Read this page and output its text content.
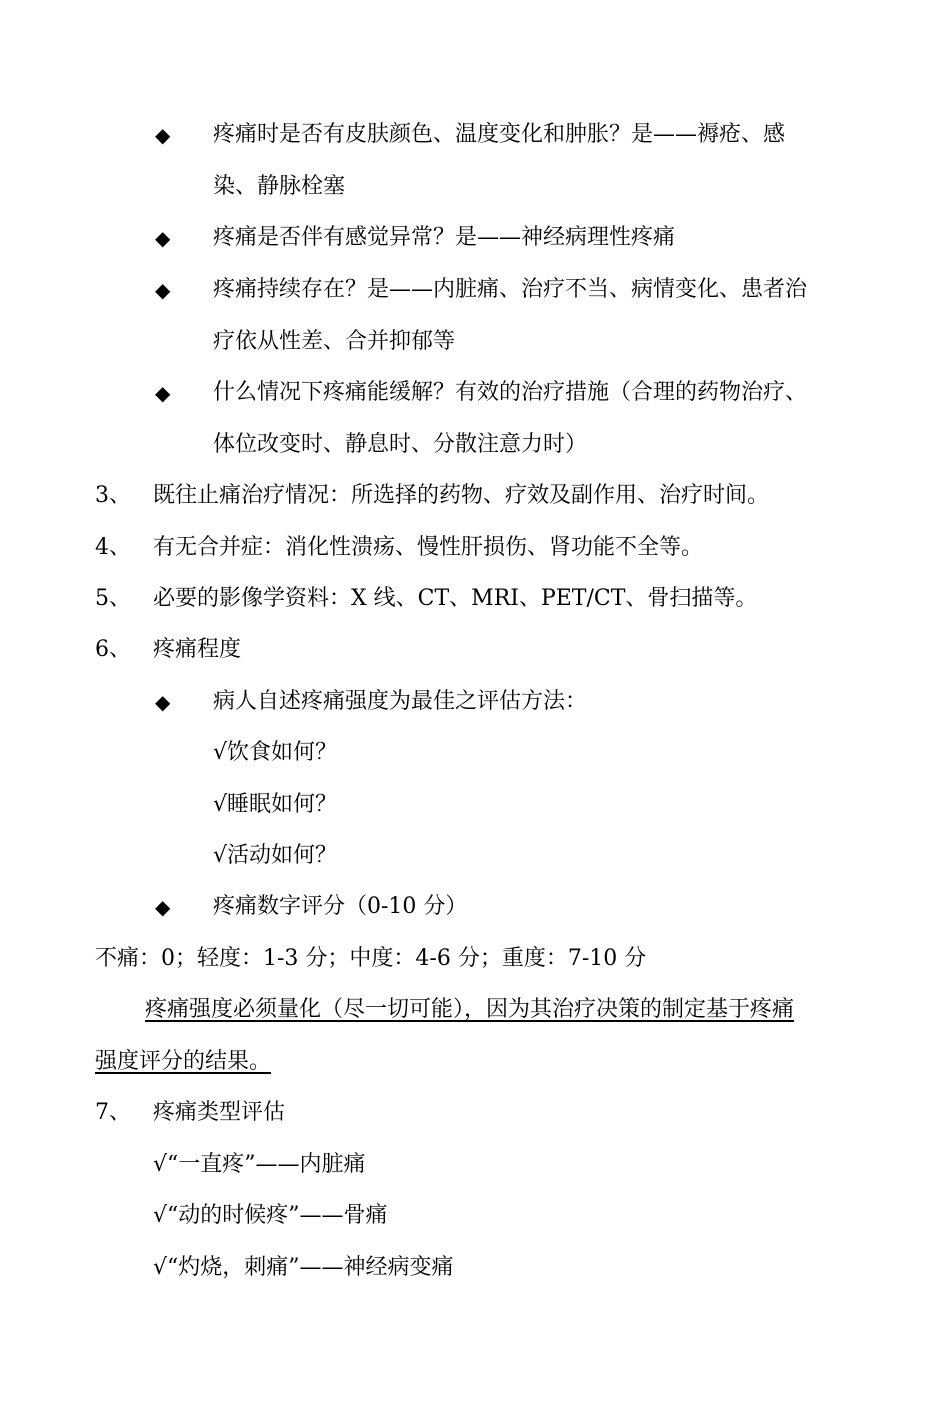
◆ 疼痛时是否有皮肤颜色、温度变化和肿胀？是——褥疮、感
染、静脉栓塞
◆ 疼痛是否伴有感觉异常？是——神经病理性疼痛
◆ 疼痛持续存在？是——内脏痛、治疗不当、病情变化、患者治
疗依从性差、合并抑郁等
◆ 什么情况下疼痛能缓解？有效的治疗措施（合理的药物治疗、
体位改变时、静息时、分散注意力时）
3、 既往止痛治疗情况：所选择的药物、疗效及副作用、治疗时间。
4、 有无合并症：消化性溃疡、慢性肝损伤、肾功能不全等。
5、 必要的影像学资料：X 线、CT、MRI、PET/CT、骨扫描等。
6、 疼痛程度
◆ 病人自述疼痛强度为最佳之评估方法：
√饮食如何？
√睡眠如何？
√活动如何？
◆ 疼痛数字评分（0-10 分）
不痛：0；轻度：1-3 分；中度：4-6 分；重度：7-10 分
疼痛强度必须量化（尽一切可能），因为其治疗决策的制定基于疼痛
强度评分的结果。
7、 疼痛类型评估
√“一直疼”——内脏痛
√“动的时候疼”——骨痛
√“灼烧，刺痛”——神经病变痛
